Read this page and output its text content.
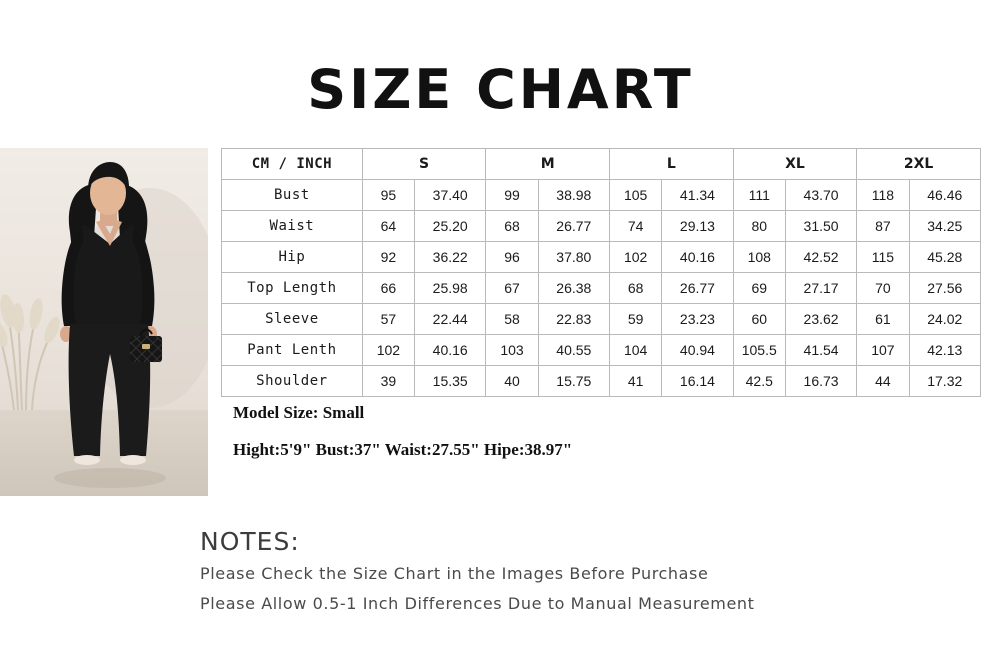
SIZE CHART
CM / INCH	S		M		L		XL		2XL	
Bust	95	37.40	99	38.98	105	41.34	111	43.70	118	46.46
Waist	64	25.20	68	26.77	74	29.13	80	31.50	87	34.25
Hip	92	36.22	96	37.80	102	40.16	108	42.52	115	45.28
Top Length	66	25.98	67	26.38	68	26.77	69	27.17	70	27.56
Sleeve	57	22.44	58	22.83	59	23.23	60	23.62	61	24.02
Pant Lenth	102	40.16	103	40.55	104	40.94	105.5	41.54	107	42.13
Shoulder	39	15.35	40	15.75	41	16.14	42.5	16.73	44	17.32
Model Size: Small
Hight:5'9" Bust:37" Waist:27.55" Hipe:38.97"
NOTES:
Please Check the Size Chart in the Images Before Purchase
Please Allow 0.5-1 Inch Differences Due to Manual Measurement
